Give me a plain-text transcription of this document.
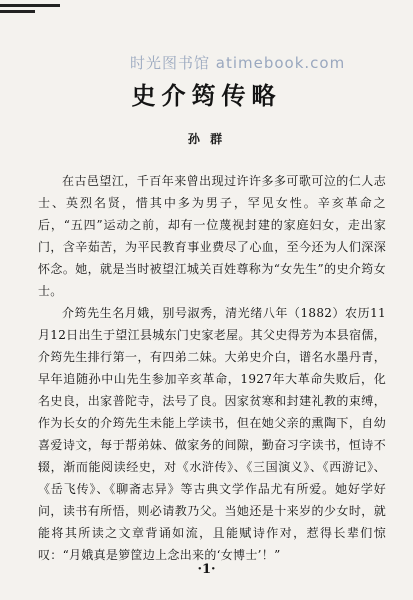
时光图书馆 atimebook.com
史介筠传略
孙 群

在古邑望江，千百年来曾出现过许许多多可歌可泣的仁人志士、英烈名贤，惜其中多为男子，罕见女性。辛亥革命之后，“五四”运动之前，却有一位蔑视封建的家庭妇女，走出家门，含辛茹苦，为平民教育事业费尽了心血，至今还为人们深深怀念。她，就是当时被望江城关百姓尊称为“女先生”的史介筠女士。

介筠先生名月娥，别号淑秀，清光绪八年（1882）农历11月12日出生于望江县城东门史家老屋。其父史得芳为本县宿儒，介筠先生排行第一，有四弟二妹。大弟史介白，谱名水墨丹青，早年追随孙中山先生参加辛亥革命，1927年大革命失败后，化名史良，出家普陀寺，法号了良。因家贫寒和封建礼教的束缚，作为长女的介筠先生未能上学读书，但在她父亲的熏陶下，自幼喜爱诗文，每于帮弟妹、做家务的间隙，勤奋习字读书，恒诗不辍，渐而能阅读经史，对《水浒传》、《三国演义》、《西游记》、《岳飞传》、《聊斋志异》等古典文学作品尤有所爱。她好学好问，读书有所悟，则必请教乃父。当她还是十来岁的少女时，就能将其所读之文章背诵如流，且能赋诗作对，惹得长辈们惊叹：“月娥真是箩筐边上念出来的‘女博士’！”

·1·
